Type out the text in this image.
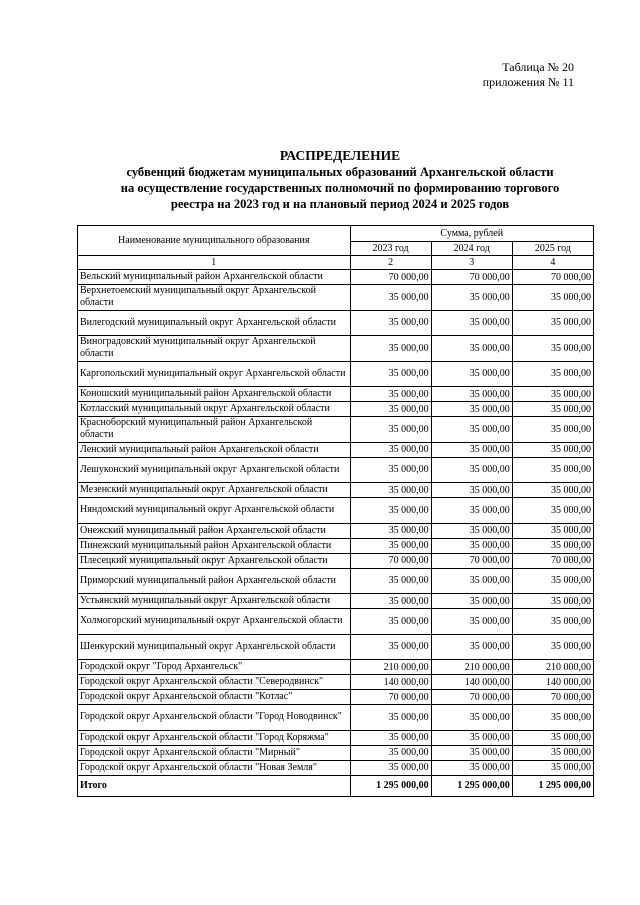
Таблица № 20
приложения № 11
РАСПРЕДЕЛЕНИЕ
субвенций бюджетам муниципальных образований Архангельской области
на осуществление государственных полномочий по формированию торгового
реестра на 2023 год и на плановый период 2024 и 2025 годов
Наименование муниципального образования	Сумма, рублей		
	2023 год	2024 год	2025 год
1	2	3	4
Вельский муниципальный район Архангельской области	70 000,00	70 000,00	70 000,00
Верхнетоемский муниципальный округ Архангельской области	35 000,00	35 000,00	35 000,00
Вилегодский муниципальный округ Архангельской области	35 000,00	35 000,00	35 000,00
Виноградовский муниципальный округ Архангельской области	35 000,00	35 000,00	35 000,00
Каргопольский муниципальный округ Архангельской области	35 000,00	35 000,00	35 000,00
Коношский муниципальный район Архангельской области	35 000,00	35 000,00	35 000,00
Котласский муниципальный округ Архангельской области	35 000,00	35 000,00	35 000,00
Красноборский муниципальный район Архангельской области	35 000,00	35 000,00	35 000,00
Ленский муниципальный район Архангельской области	35 000,00	35 000,00	35 000,00
Лешуконский муниципальный округ Архангельской области	35 000,00	35 000,00	35 000,00
Мезенский муниципальный округ Архангельской области	35 000,00	35 000,00	35 000,00
Няндомский муниципальный округ Архангельской области	35 000,00	35 000,00	35 000,00
Онежский муниципальный район Архангельской области	35 000,00	35 000,00	35 000,00
Пинежский муниципальный район Архангельской области	35 000,00	35 000,00	35 000,00
Плесецкий муниципальный округ Архангельской области	70 000,00	70 000,00	70 000,00
Приморский муниципальный район Архангельской области	35 000,00	35 000,00	35 000,00
Устьянский муниципальный округ Архангельской области	35 000,00	35 000,00	35 000,00
Холмогорский муниципальный округ Архангельской области	35 000,00	35 000,00	35 000,00
Шенкурский муниципальный округ Архангельской области	35 000,00	35 000,00	35 000,00
Городской округ "Город Архангельск"	210 000,00	210 000,00	210 000,00
Городской округ Архангельской области "Северодвинск"	140 000,00	140 000,00	140 000,00
Городской округ Архангельской области "Котлас"	70 000,00	70 000,00	70 000,00
Городской округ Архангельской области "Город Новодвинск"	35 000,00	35 000,00	35 000,00
Городской округ Архангельской области "Город Коряжма"	35 000,00	35 000,00	35 000,00
Городской округ Архангельской области "Мирный"	35 000,00	35 000,00	35 000,00
Городской округ Архангельской области "Новая Земля"	35 000,00	35 000,00	35 000,00
Итого	1 295 000,00	1 295 000,00	1 295 000,00
